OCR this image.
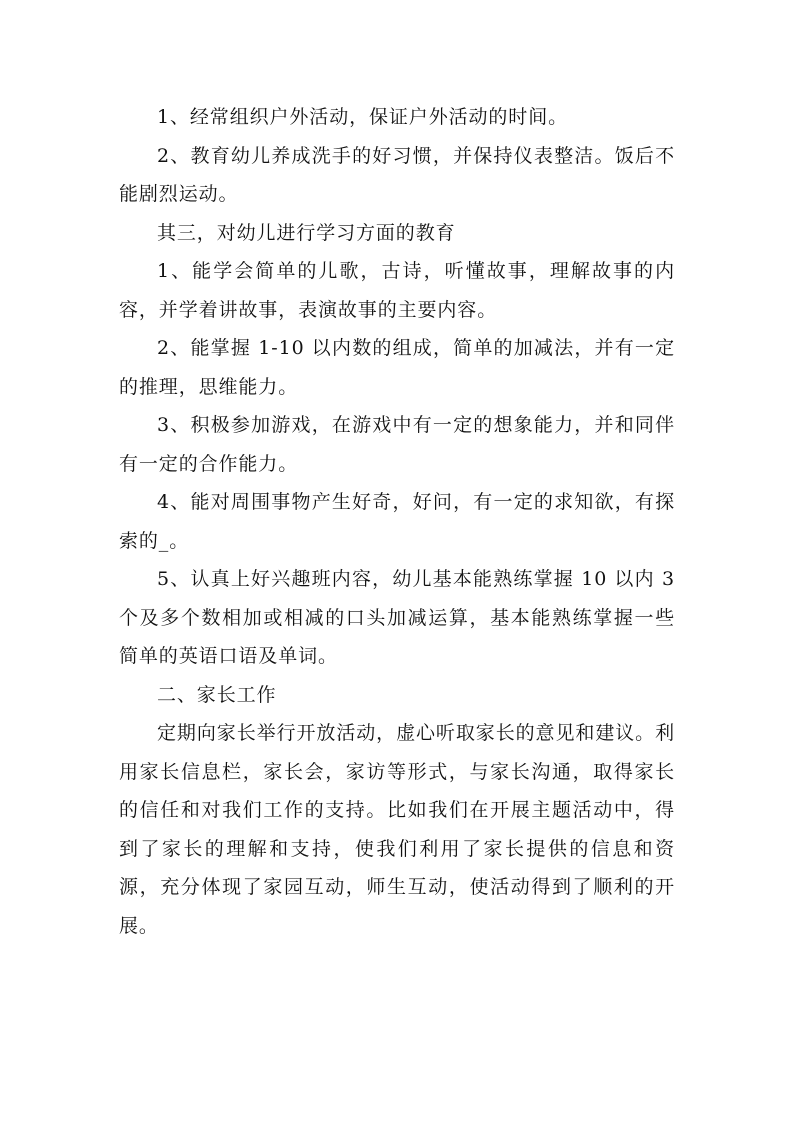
1、经常组织户外活动，保证户外活动的时间。

2、教育幼儿养成洗手的好习惯，并保持仪表整洁。饭后不能剧烈运动。

其三，对幼儿进行学习方面的教育

1、能学会简单的儿歌，古诗，听懂故事，理解故事的内容，并学着讲故事，表演故事的主要内容。

2、能掌握 1-10 以内数的组成，简单的加减法，并有一定的推理，思维能力。

3、积极参加游戏，在游戏中有一定的想象能力，并和同伴有一定的合作能力。

4、能对周围事物产生好奇，好问，有一定的求知欲，有探索的_。

5、认真上好兴趣班内容，幼儿基本能熟练掌握 10 以内 3 个及多个数相加或相减的口头加减运算，基本能熟练掌握一些简单的英语口语及单词。

二、家长工作

定期向家长举行开放活动，虚心听取家长的意见和建议。利用家长信息栏，家长会，家访等形式，与家长沟通，取得家长的信任和对我们工作的支持。比如我们在开展主题活动中，得到了家长的理解和支持，使我们利用了家长提供的信息和资源，充分体现了家园互动，师生互动，使活动得到了顺利的开展。
